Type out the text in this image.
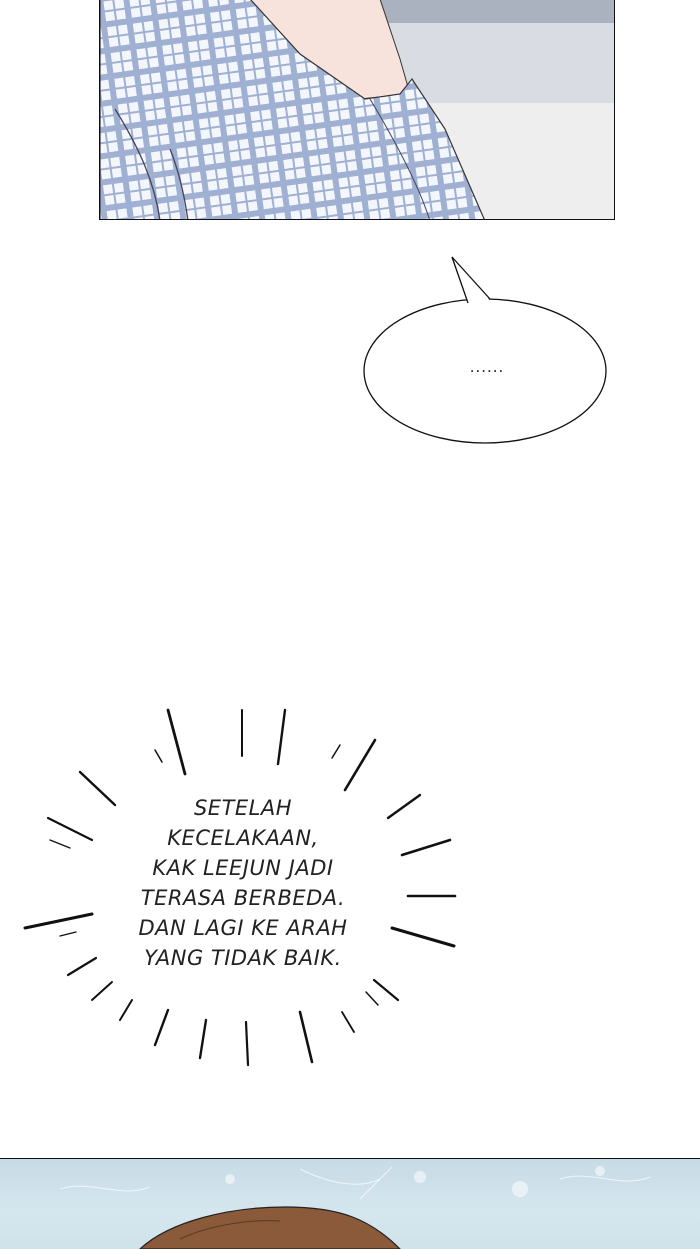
......
SETELAH
KECELAKAAN,
KAK LEEJUN JADI
TERASA BERBEDA.
DAN LAGI KE ARAH
YANG TIDAK BAIK.
